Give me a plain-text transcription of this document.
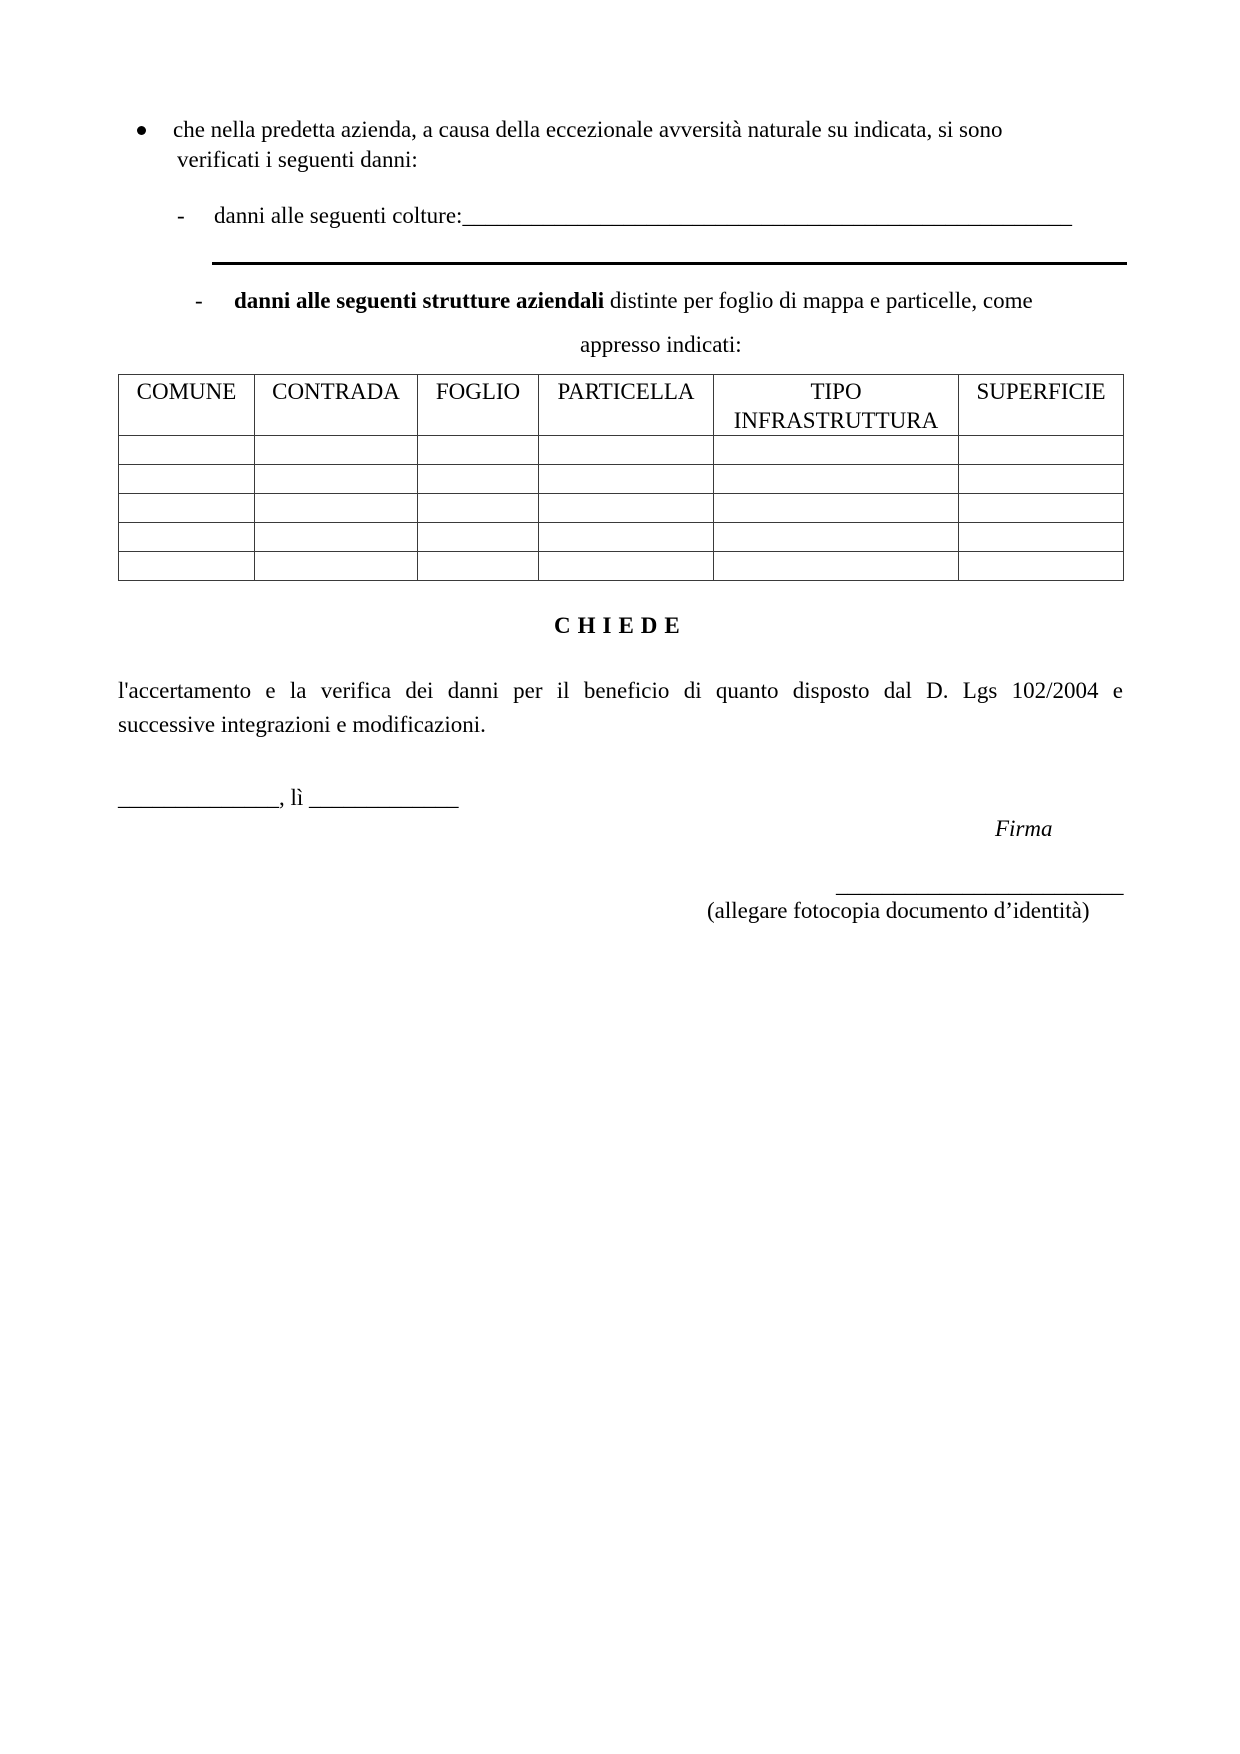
che nella predetta azienda, a causa della eccezionale avversità naturale su indicata, si sono
verificati i seguenti danni:
- danni alle seguenti colture:_____________________________________________________
- danni alle seguenti strutture aziendali distinte per foglio di mappa e particelle, come
appresso indicati:
COMUNE	CONTRADA	FOGLIO	PARTICELLA	TIPO INFRASTRUTTURA	SUPERFICIE

CHIEDE
l'accertamento e la verifica dei danni per il beneficio di quanto disposto dal D. Lgs 102/2004 e
successive integrazioni e modificazioni.
______________, lì _____________
Firma
_________________________
(allegare fotocopia documento d’identità)
